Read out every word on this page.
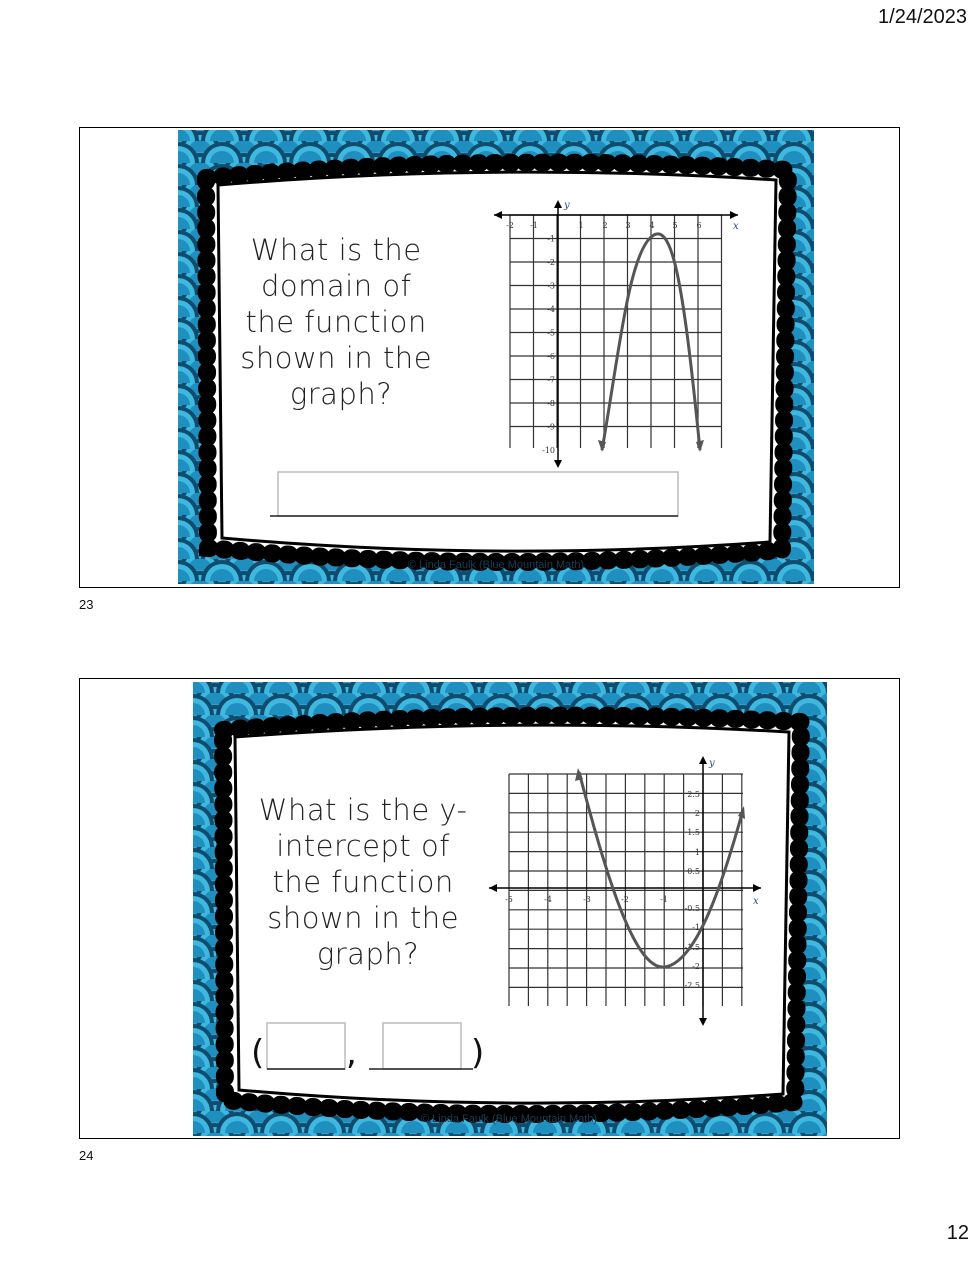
1/24/2023
What is the domain of the function shown in the graph?
x
y
-2 -1	1 2 3 4 5 6
-1
-2
-3
-4
-5
-6
-7
-8
-9
-10
© Linda Faulk (Blue Mountain Math)
23
What is the y- intercept of the function shown in the graph?
x
y
-5	-4	-3	-2	-1
2.5
2
1.5
1
0.5
-0.5
-1
-1.5
-2
-2.5
( ,	)
© Linda Faulk (Blue Mountain Math)
24
12
